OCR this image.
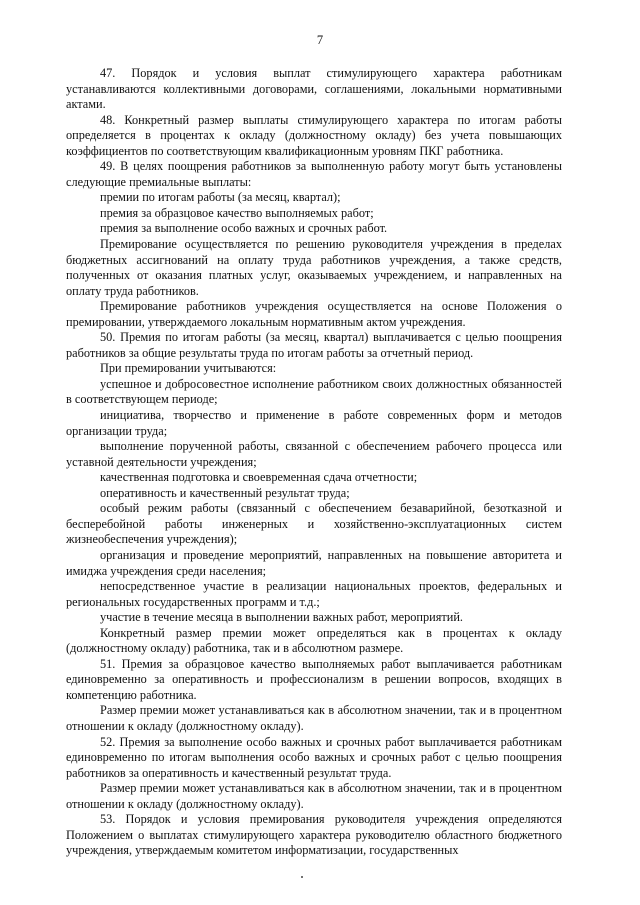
7

47. Порядок и условия выплат стимулирующего характера работникам устанавливаются коллективными договорами, соглашениями, локальными нормативными актами.

48. Конкретный размер выплаты стимулирующего характера по итогам работы определяется в процентах к окладу (должностному окладу) без учета повышающих коэффициентов по соответствующим квалификационным уровням ПКГ работника.

49. В целях поощрения работников за выполненную работу могут быть установлены следующие премиальные выплаты:

премии по итогам работы (за месяц, квартал);

премия за образцовое качество выполняемых работ;

премия за выполнение особо важных и срочных работ.

Премирование осуществляется по решению руководителя учреждения в пределах бюджетных ассигнований на оплату труда работников учреждения, а также средств, полученных от оказания платных услуг, оказываемых учреждением, и направленных на оплату труда работников.

Премирование работников учреждения осуществляется на основе Положения о премировании, утверждаемого локальным нормативным актом учреждения.

50. Премия по итогам работы (за месяц, квартал) выплачивается с целью поощрения работников за общие результаты труда по итогам работы за отчетный период.

При премировании учитываются:

успешное и добросовестное исполнение работником своих должностных обязанностей в соответствующем периоде;

инициатива, творчество и применение в работе современных форм и методов организации труда;

выполнение порученной работы, связанной с обеспечением рабочего процесса или уставной деятельности учреждения;

качественная подготовка и своевременная сдача отчетности;

оперативность и качественный результат труда;

особый режим работы (связанный с обеспечением безаварийной, безотказной и бесперебойной работы инженерных и хозяйственно-эксплуатационных систем жизнеобеспечения учреждения);

организация и проведение мероприятий, направленных на повышение авторитета и имиджа учреждения среди населения;

непосредственное участие в реализации национальных проектов, федеральных и региональных государственных программ и т.д.;

участие в течение месяца в выполнении важных работ, мероприятий.

Конкретный размер премии может определяться как в процентах к окладу (должностному окладу) работника, так и в абсолютном размере.

51. Премия за образцовое качество выполняемых работ выплачивается работникам единовременно за оперативность и профессионализм в решении вопросов, входящих в компетенцию работника.

Размер премии может устанавливаться как в абсолютном значении, так и в процентном отношении к окладу (должностному окладу).

52. Премия за выполнение особо важных и срочных работ выплачивается работникам единовременно по итогам выполнения особо важных и срочных работ с целью поощрения работников за оперативность и качественный результат труда.

Размер премии может устанавливаться как в абсолютном значении, так и в процентном отношении к окладу (должностному окладу).

53. Порядок и условия премирования руководителя учреждения определяются Положением о выплатах стимулирующего характера руководителю областного бюджетного учреждения, утверждаемым комитетом информатизации, государственных
